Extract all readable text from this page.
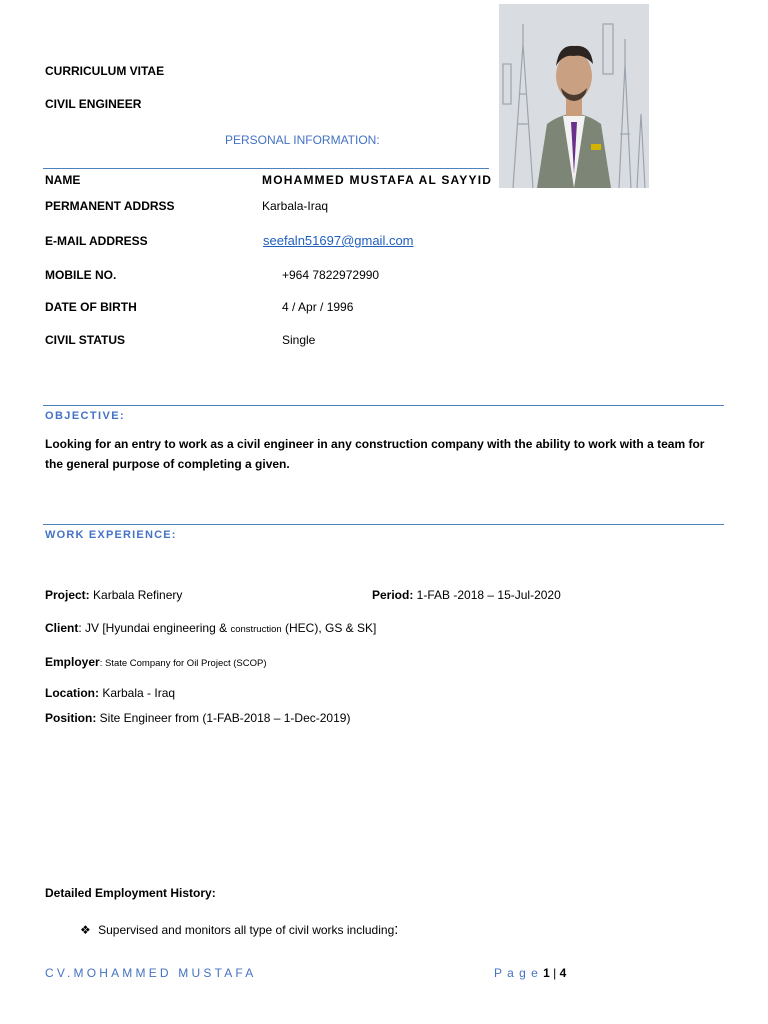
CURRICULUM VITAE
CIVIL ENGINEER
PERSONAL INFORMATION:
NAME	MOHAMMED MUSTAFA AL SAYYID
PERMANENT ADDRSS	Karbala-Iraq
E-MAIL ADDRESS	seefaln51697@gmail.com
MOBILE NO.	+964 7822972990
DATE OF BIRTH	4 / Apr / 1996
CIVIL STATUS	Single
OBJECTIVE:
Looking for an entry to work as a civil engineer in any construction company with the ability to work with a team for the general purpose of completing a given.
WORK EXPERIENCE:
Project: Karbala Refinery	Period: 1-FAB -2018 – 15-Jul-2020
Client: JV [Hyundai engineering & construction (HEC), GS & SK]
Employer: State Company for Oil Project (SCOP)
Location: Karbala - Iraq
Position: Site Engineer from (1-FAB-2018 – 1-Dec-2019)
Detailed Employment History:
❖ Supervised and monitors all type of civil works including:
CV.MOHAMMED MUSTAFA	P a g e 1 | 4
